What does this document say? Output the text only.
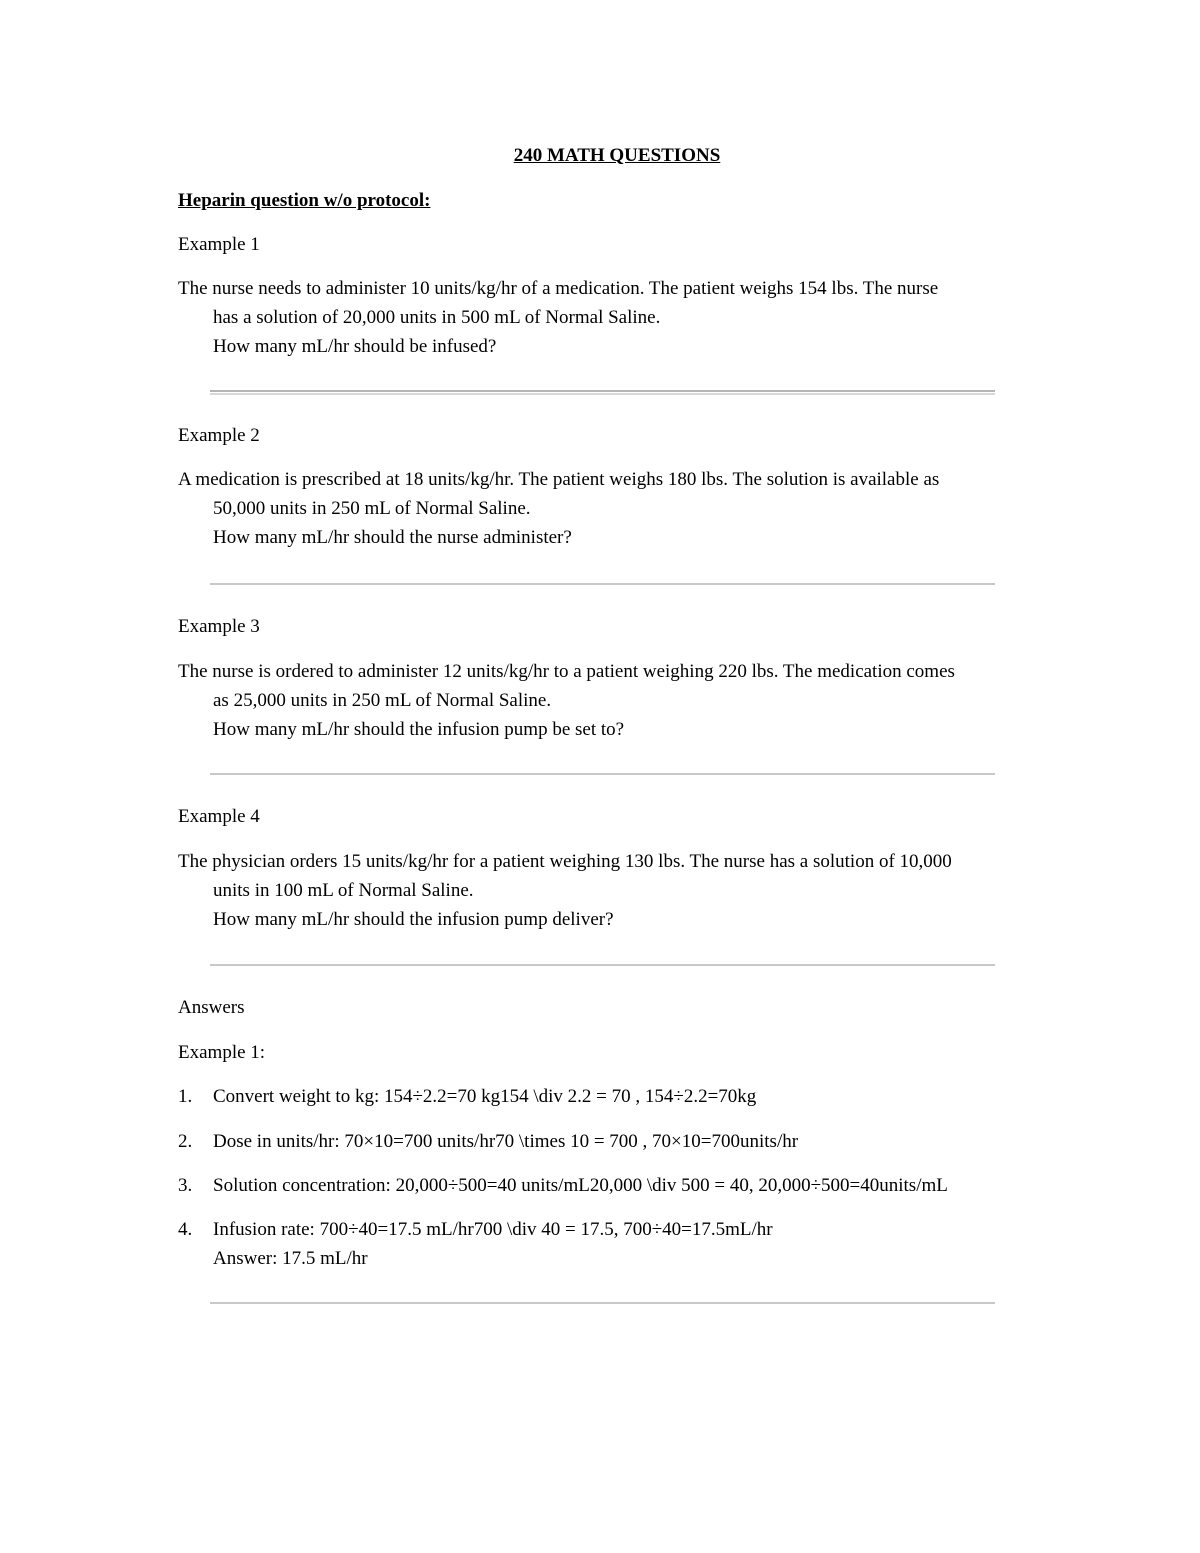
240 MATH QUESTIONS
Heparin question w/o protocol:
Example 1
The nurse needs to administer 10 units/kg/hr of a medication. The patient weighs 154 lbs. The nurse
has a solution of 20,000 units in 500 mL of Normal Saline.
How many mL/hr should be infused?
Example 2
A medication is prescribed at 18 units/kg/hr. The patient weighs 180 lbs. The solution is available as
50,000 units in 250 mL of Normal Saline.
How many mL/hr should the nurse administer?
Example 3
The nurse is ordered to administer 12 units/kg/hr to a patient weighing 220 lbs. The medication comes
as 25,000 units in 250 mL of Normal Saline.
How many mL/hr should the infusion pump be set to?
Example 4
The physician orders 15 units/kg/hr for a patient weighing 130 lbs. The nurse has a solution of 10,000
units in 100 mL of Normal Saline.
How many mL/hr should the infusion pump deliver?
Answers
Example 1:
1. Convert weight to kg: 154÷2.2=70 kg154 \div 2.2 = 70 , 154÷2.2=70kg
2. Dose in units/hr: 70×10=700 units/hr70 \times 10 = 700 , 70×10=700units/hr
3. Solution concentration: 20,000÷500=40 units/mL20,000 \div 500 = 40, 20,000÷500=40units/mL
4. Infusion rate: 700÷40=17.5 mL/hr700 \div 40 = 17.5, 700÷40=17.5mL/hr
Answer: 17.5 mL/hr
